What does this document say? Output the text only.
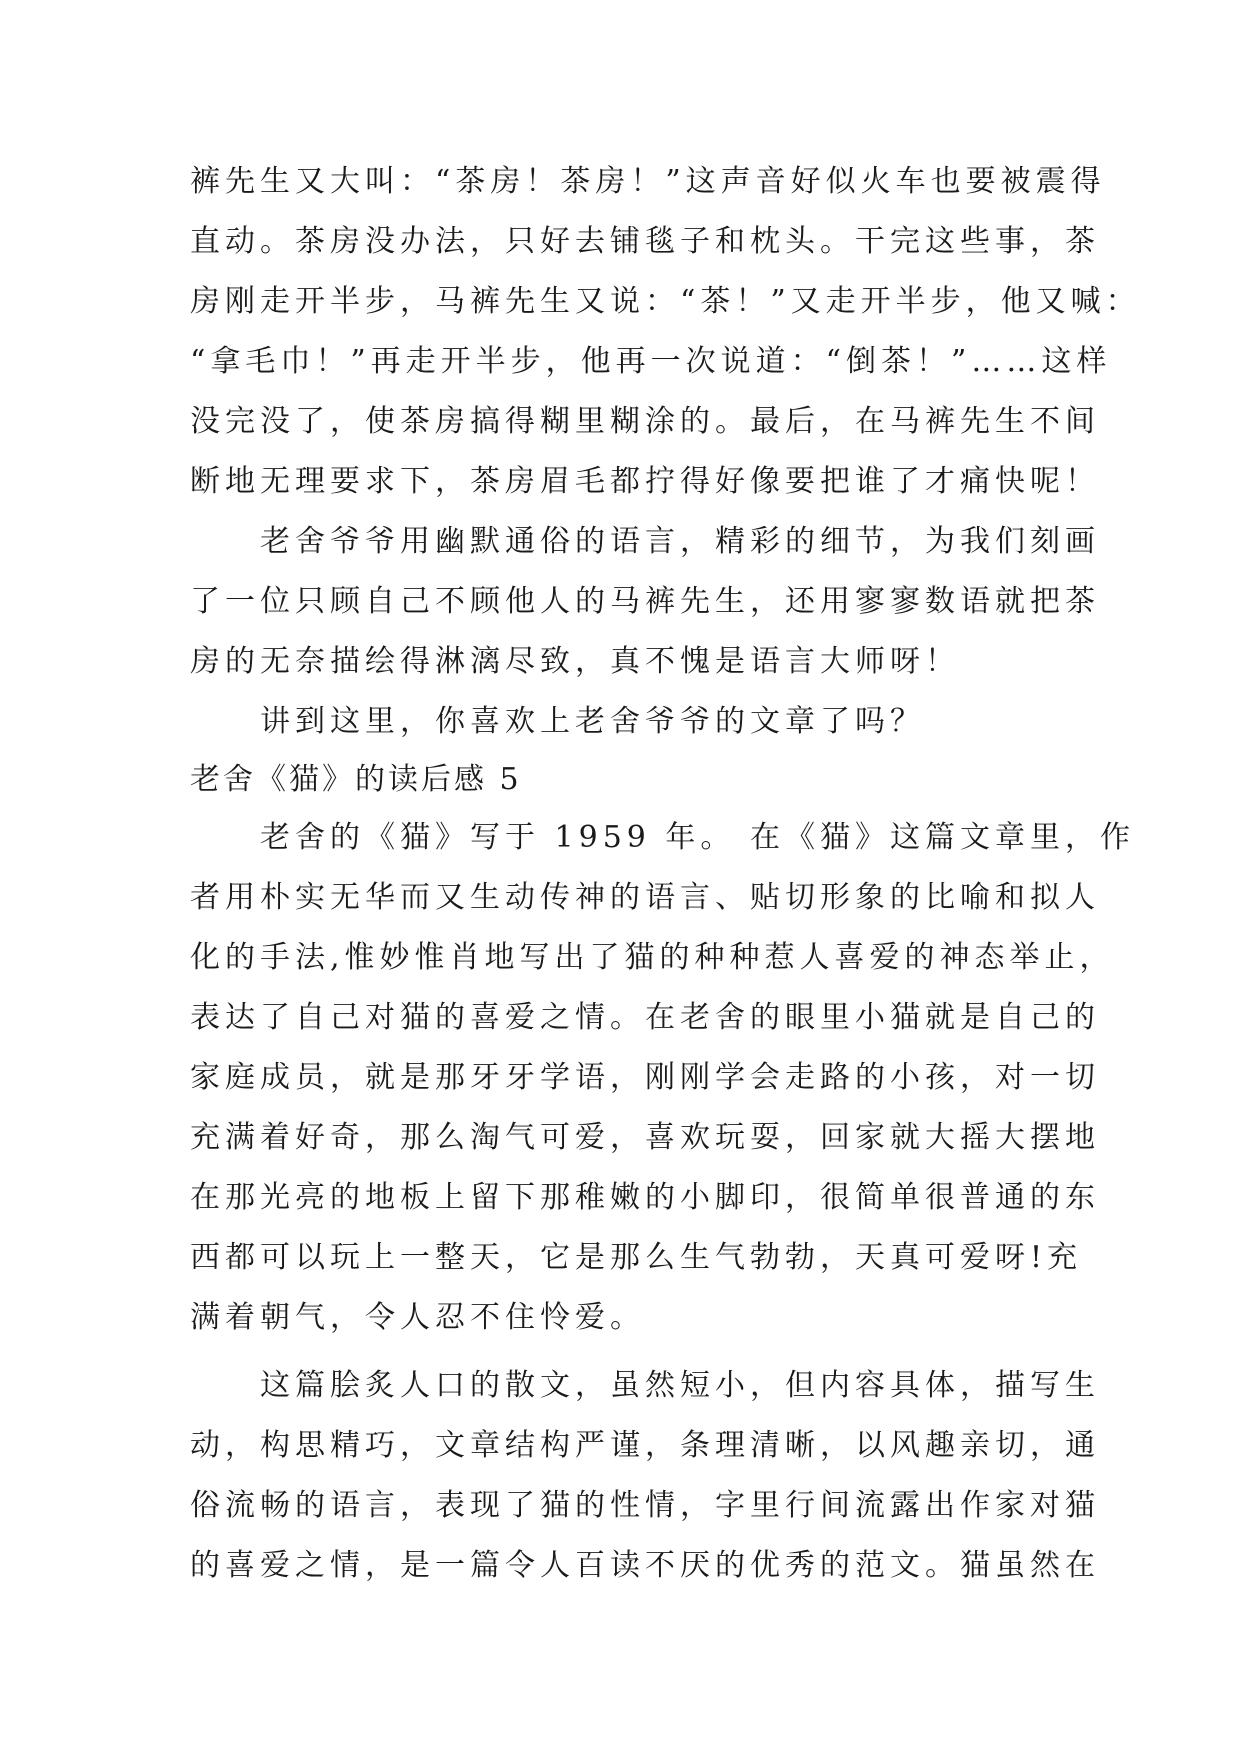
裤先生又大叫：“茶房！茶房！”这声音好似火车也要被震得
直动。茶房没办法，只好去铺毯子和枕头。干完这些事，茶
房刚走开半步，马裤先生又说：“茶！”又走开半步，他又喊：
“拿毛巾！”再走开半步，他再一次说道：“倒茶！”……这样
没完没了，使茶房搞得糊里糊涂的。最后，在马裤先生不间
断地无理要求下，茶房眉毛都拧得好像要把谁了才痛快呢！
　　老舍爷爷用幽默通俗的语言，精彩的细节，为我们刻画
了一位只顾自己不顾他人的马裤先生，还用寥寥数语就把茶
房的无奈描绘得淋漓尽致，真不愧是语言大师呀！
　　讲到这里，你喜欢上老舍爷爷的文章了吗？
老舍《猫》的读后感 5
　　老舍的《猫》写于 1959 年。 在《猫》这篇文章里，作
者用朴实无华而又生动传神的语言、贴切形象的比喻和拟人
化的手法,惟妙惟肖地写出了猫的种种惹人喜爱的神态举止，
表达了自己对猫的喜爱之情。在老舍的眼里小猫就是自己的
家庭成员，就是那牙牙学语，刚刚学会走路的小孩，对一切
充满着好奇，那么淘气可爱，喜欢玩耍，回家就大摇大摆地
在那光亮的地板上留下那稚嫩的小脚印，很简单很普通的东
西都可以玩上一整天，它是那么生气勃勃，天真可爱呀!充
满着朝气，令人忍不住怜爱。
　　这篇脍炙人口的散文，虽然短小，但内容具体，描写生
动，构思精巧，文章结构严谨，条理清晰，以风趣亲切，通
俗流畅的语言，表现了猫的性情，字里行间流露出作家对猫
的喜爱之情，是一篇令人百读不厌的优秀的范文。猫虽然在
